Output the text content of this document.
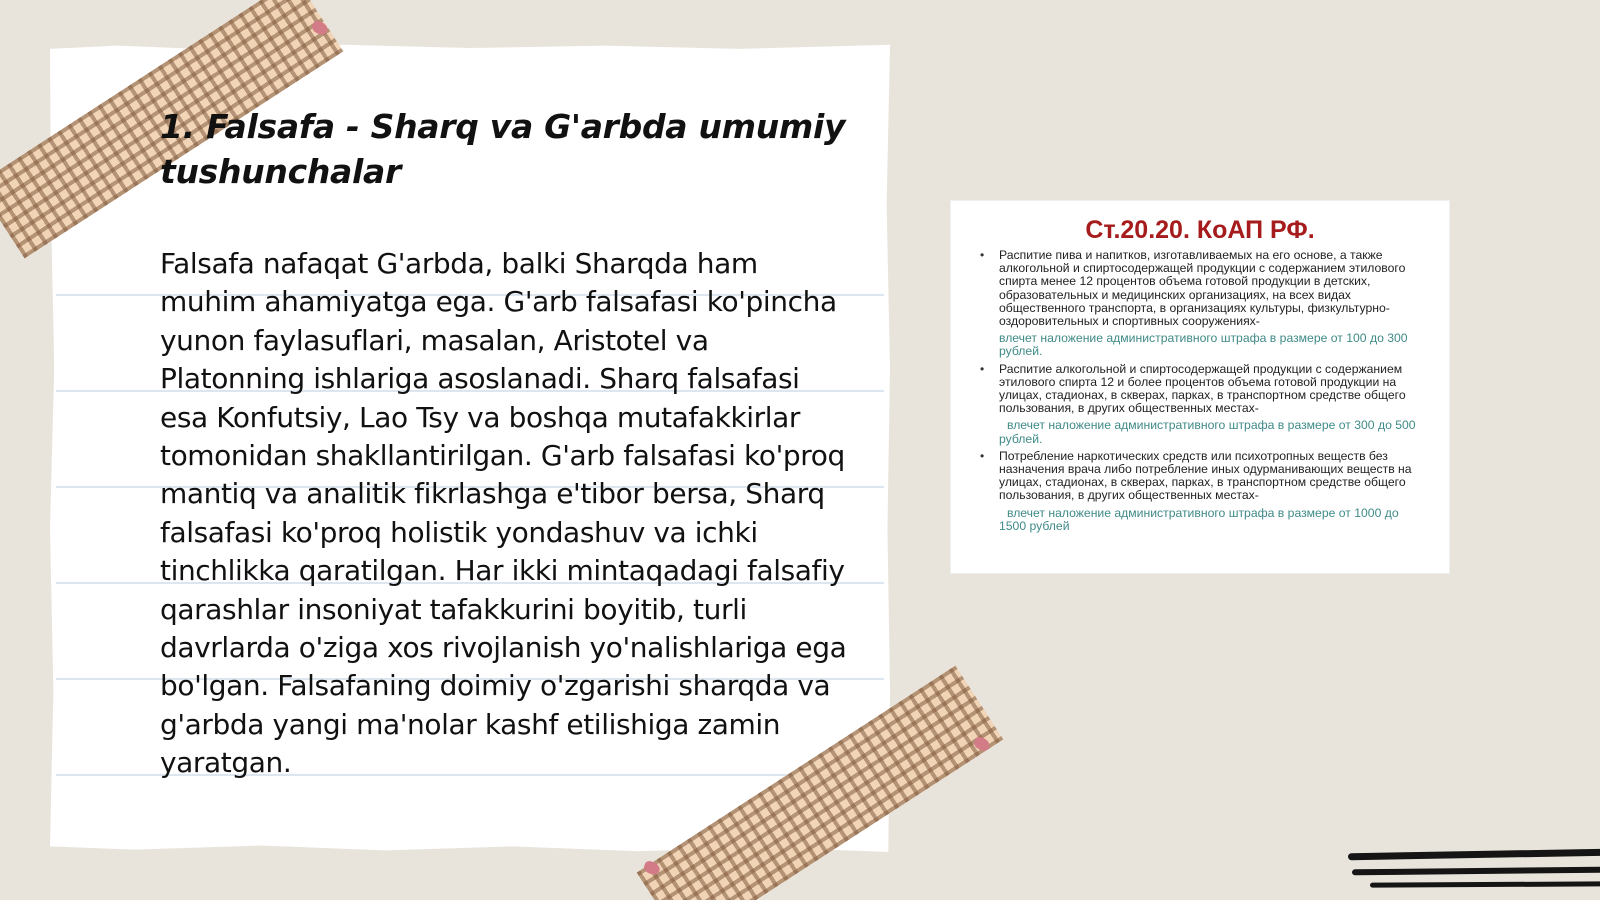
1. Falsafa - Sharq va G'arbda umumiy tushunchalar

Falsafa nafaqat G'arbda, balki Sharqda ham muhim ahamiyatga ega. G'arb falsafasi ko'pincha yunon faylasuflari, masalan, Aristotel va Platonning ishlariga asoslanadi. Sharq falsafasi esa Konfutsiy, Lao Tsy va boshqa mutafakkirlar tomonidan shakllantirilgan. G'arb falsafasi ko'proq mantiq va analitik fikrlashga e'tibor bersa, Sharq falsafasi ko'proq holistik yondashuv va ichki tinchlikka qaratilgan. Har ikki mintaqadagi falsafiy qarashlar insoniyat tafakkurini boyitib, turli davrlarda o'ziga xos rivojlanish yo'nalishlariga ega bo'lgan. Falsafaning doimiy o'zgarishi sharqda va g'arbda yangi ma'nolar kashf etilishiga zamin yaratgan.

Ст.20.20. КоАП РФ.
• Распитие пива и напитков, изготавливаемых на его основе, а также алкогольной и спиртосодержащей продукции с содержанием этилового спирта менее 12 процентов объема готовой продукции в детских, образовательных и медицинских организациях, на всех видах общественного транспорта, в организациях культуры, физкультурно-оздоровительных и спортивных сооружениях-
влечет наложение административного штрафа в размере от 100 до 300 рублей.
• Распитие алкогольной и спиртосодержащей продукции с содержанием этилового спирта 12 и более процентов объема готовой продукции на улицах, стадионах, в скверах, парках, в транспортном средстве общего пользования, в других общественных местах-
влечет наложение административного штрафа в размере от 300 до 500 рублей.
• Потребление наркотических средств или психотропных веществ без назначения врача либо потребление иных одурманивающих веществ на улицах, стадионах, в скверах, парках, в транспортном средстве общего пользования, в других общественных местах-
влечет наложение административного штрафа в размере от 1000 до 1500 рублей
